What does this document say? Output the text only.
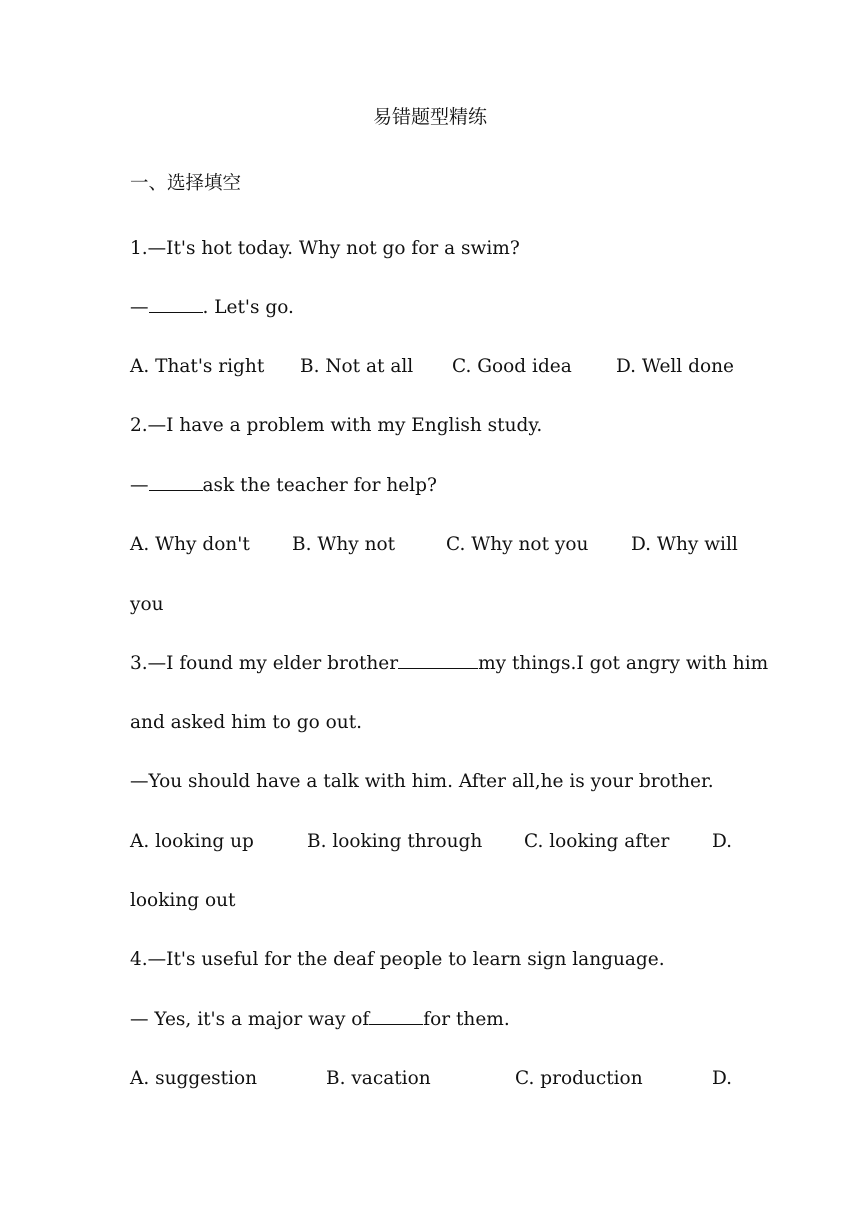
易错题型精练
一、选择填空
1.—It's hot today. Why not go for a swim?
—	. Let's go.
A. That's right B. Not at all C. Good idea D. Well done
2.—I have a problem with my English study.
—	ask the teacher for help?
A. Why don't B. Why not	C. Why not you D. Why will
you
3.—I found my elder brother	my things.I got angry with him
and asked him to go out.
—You should have a talk with him. After all,he is your brother.
A. looking up	B. looking through C. looking after D.
looking out
4.—It's useful for the deaf people to learn sign language.
— Yes, it's a major way of	for them.
A. suggestion	B. vacation	C. production	D.
